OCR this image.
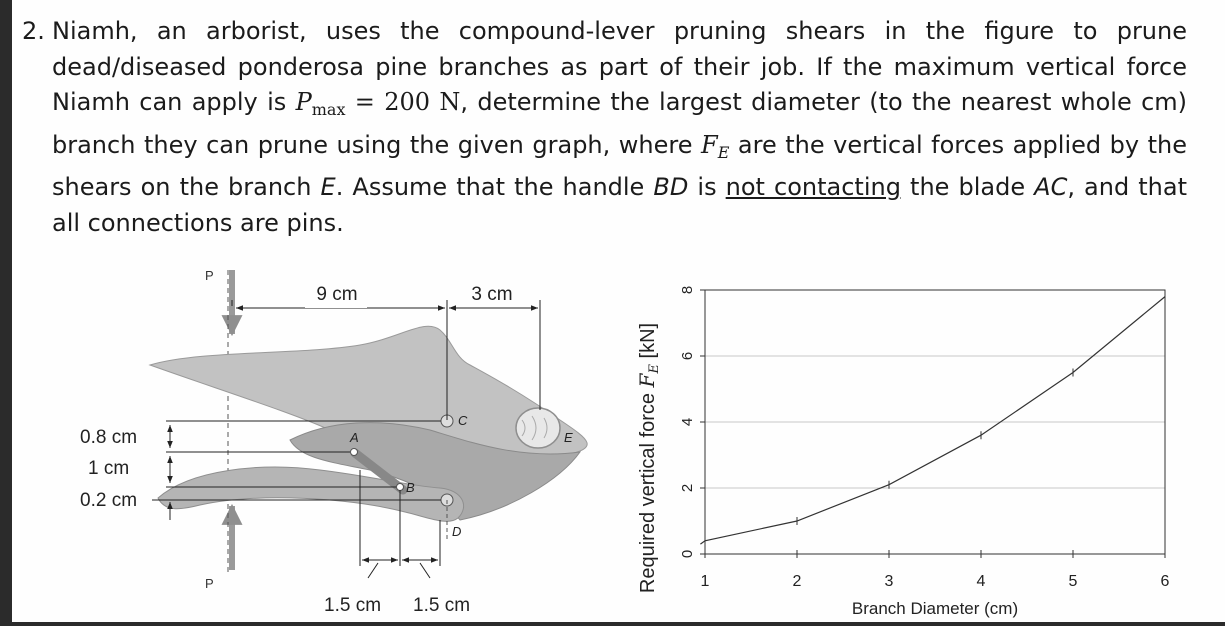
2. Niamh, an arborist, uses the compound-lever pruning shears in the figure to prune dead/diseased ponderosa pine branches as part of their job. If the maximum vertical force Niamh can apply is $P_{max} = 200$ N, determine the largest diameter (to the nearest whole cm) branch they can prune using the given graph, where $F_E$ are the vertical forces applied by the shears on the branch E. Assume that the handle BD is not contacting the blade AC, and that all connections are pins.
P
P
A
B
C
D
E
9 cm	3 cm
0.8 cm
1 cm
0.2 cm
1.5 cm 1.5 cm
0
2
4
6
8
1	2	3	4	5	6
Branch Diameter (cm)
Required vertical force $F_E$ [kN]
